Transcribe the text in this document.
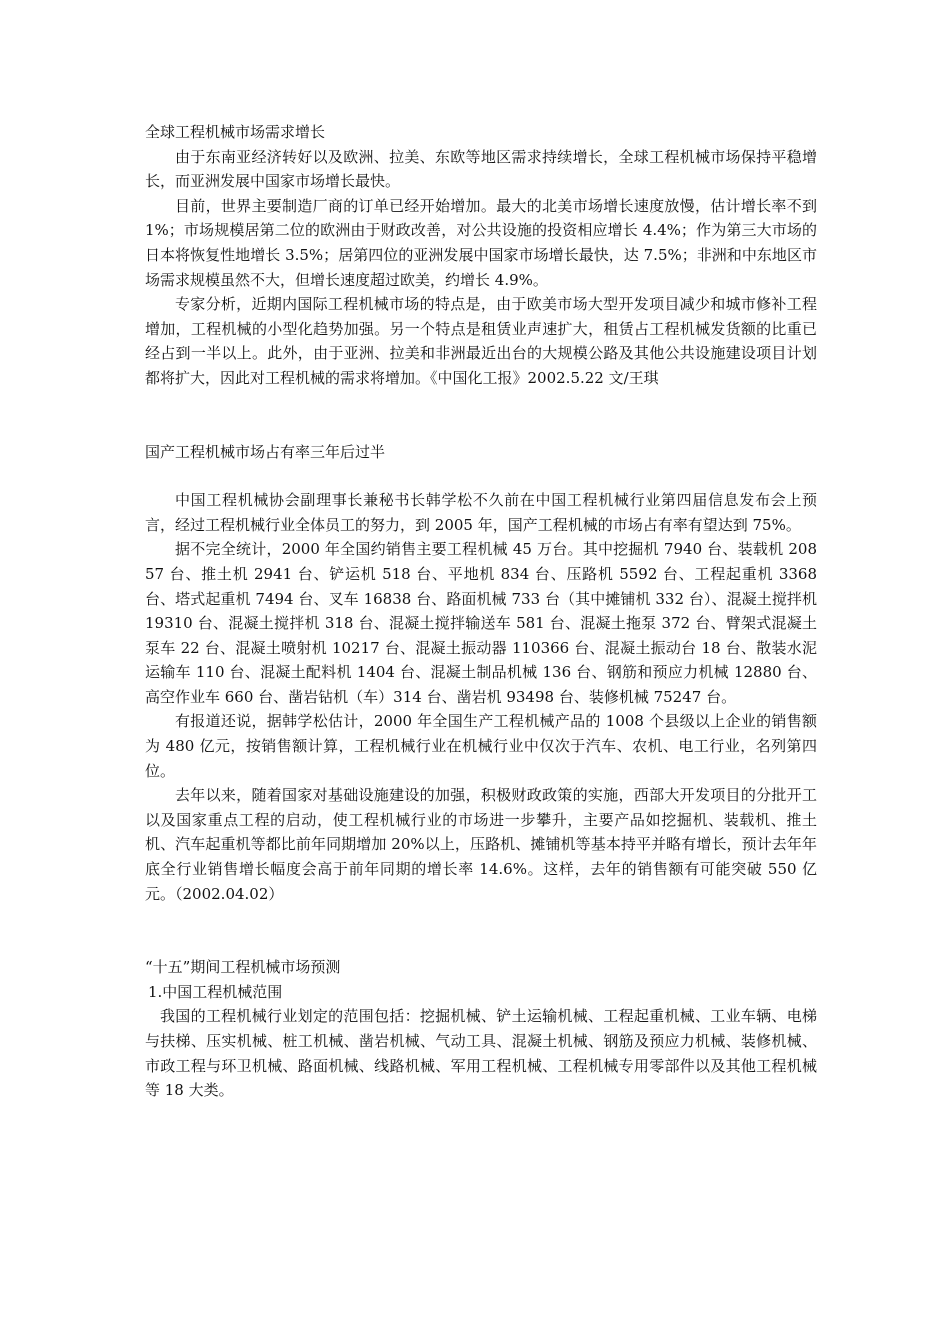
全球工程机械市场需求增长

由于东南亚经济转好以及欧洲、拉美、东欧等地区需求持续增长，全球工程机械市场保持平稳增长，而亚洲发展中国家市场增长最快。

目前，世界主要制造厂商的订单已经开始增加。最大的北美市场增长速度放慢，估计增长率不到 1%；市场规模居第二位的欧洲由于财政改善，对公共设施的投资相应增长 4.4%；作为第三大市场的日本将恢复性地增长 3.5%；居第四位的亚洲发展中国家市场增长最快，达 7.5%；非洲和中东地区市场需求规模虽然不大，但增长速度超过欧美，约增长 4.9%。

专家分析，近期内国际工程机械市场的特点是，由于欧美市场大型开发项目减少和城市修补工程增加，工程机械的小型化趋势加强。另一个特点是租赁业声速扩大，租赁占工程机械发货额的比重已经占到一半以上。此外，由于亚洲、拉美和非洲最近出台的大规模公路及其他公共设施建设项目计划都将扩大，因此对工程机械的需求将增加。《中国化工报》2002.5.22 文/王琪

国产工程机械市场占有率三年后过半

中国工程机械协会副理事长兼秘书长韩学松不久前在中国工程机械行业第四届信息发布会上预言，经过工程机械行业全体员工的努力，到 2005 年，国产工程机械的市场占有率有望达到 75%。

据不完全统计，2000 年全国约销售主要工程机械 45 万台。其中挖掘机 7940 台、装载机 20857 台、推土机 2941 台、铲运机 518 台、平地机 834 台、压路机 5592 台、工程起重机 3368 台、塔式起重机 7494 台、叉车 16838 台、路面机械 733 台（其中摊铺机 332 台）、混凝土搅拌机 19310 台、混凝土搅拌机 318 台、混凝土搅拌输送车 581 台、混凝土拖泵 372 台、臂架式混凝土泵车 22 台、混凝土喷射机 10217 台、混凝土振动器 110366 台、混凝土振动台 18 台、散装水泥运输车 110 台、混凝土配料机 1404 台、混凝土制品机械 136 台、钢筋和预应力机械 12880 台、高空作业车 660 台、凿岩钻机（车）314 台、凿岩机 93498 台、装修机械 75247 台。

有报道还说，据韩学松估计，2000 年全国生产工程机械产品的 1008 个县级以上企业的销售额为 480 亿元，按销售额计算，工程机械行业在机械行业中仅次于汽车、农机、电工行业，名列第四位。

去年以来，随着国家对基础设施建设的加强，积极财政政策的实施，西部大开发项目的分批开工以及国家重点工程的启动，使工程机械行业的市场进一步攀升，主要产品如挖掘机、装载机、推土机、汽车起重机等都比前年同期增加 20%以上，压路机、摊铺机等基本持平并略有增长，预计去年年底全行业销售增长幅度会高于前年同期的增长率 14.6%。这样，去年的销售额有可能突破 550 亿元。（2002.04.02）

“十五”期间工程机械市场预测

1.中国工程机械范围

我国的工程机械行业划定的范围包括：挖掘机械、铲土运输机械、工程起重机械、工业车辆、电梯与扶梯、压实机械、桩工机械、凿岩机械、气动工具、混凝土机械、钢筋及预应力机械、装修机械、市政工程与环卫机械、路面机械、线路机械、军用工程机械、工程机械专用零部件以及其他工程机械等 18 大类。
